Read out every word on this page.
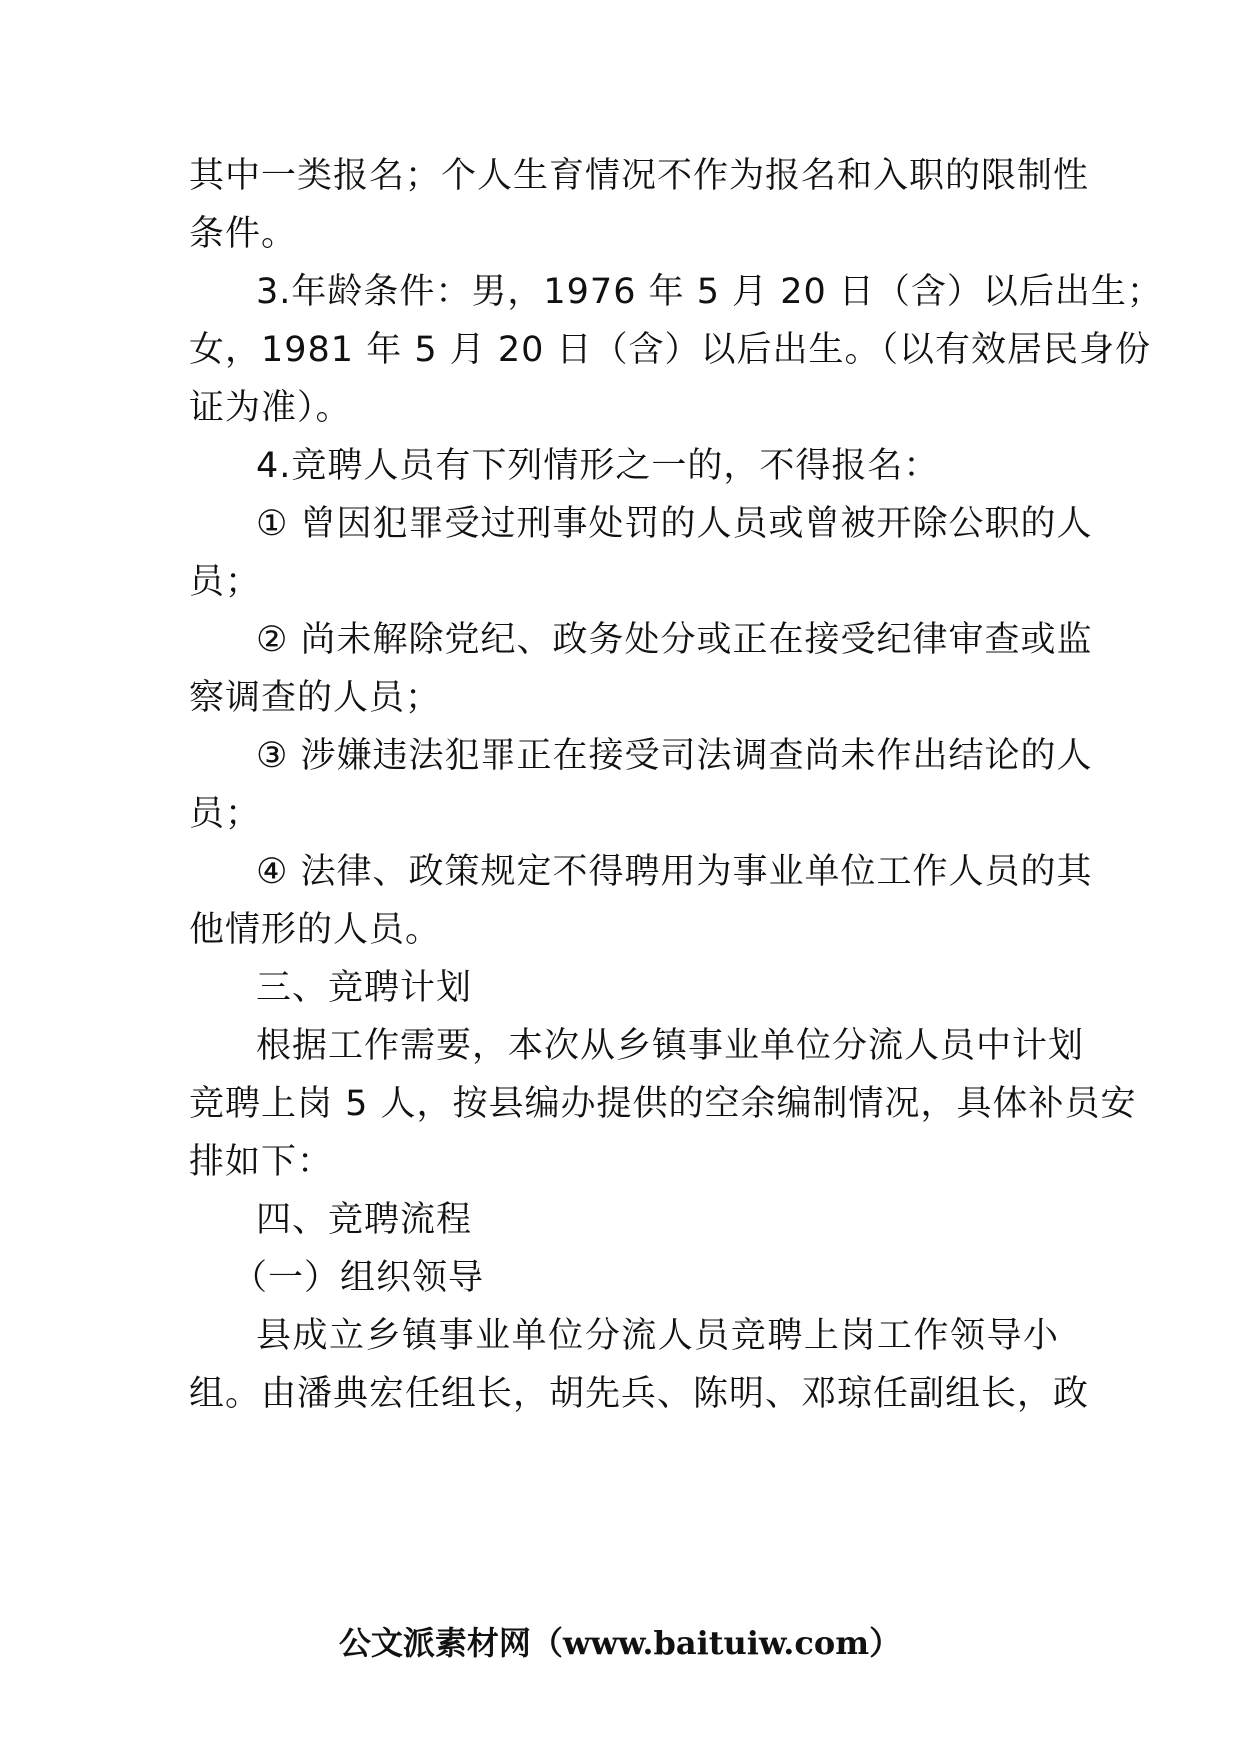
其中一类报名；个人生育情况不作为报名和入职的限制性
条件。
3.年龄条件：男，1976 年 5 月 20 日（含）以后出生；
女，1981 年 5 月 20 日（含）以后出生。（以有效居民身份
证为准）。
4.竞聘人员有下列情形之一的，不得报名：
① 曾因犯罪受过刑事处罚的人员或曾被开除公职的人
员；
② 尚未解除党纪、政务处分或正在接受纪律审查或监
察调查的人员；
③ 涉嫌违法犯罪正在接受司法调查尚未作出结论的人
员；
④ 法律、政策规定不得聘用为事业单位工作人员的其
他情形的人员。
三、竞聘计划
根据工作需要，本次从乡镇事业单位分流人员中计划
竞聘上岗 5 人，按县编办提供的空余编制情况，具体补员安
排如下：
四、竞聘流程
（一）组织领导
县成立乡镇事业单位分流人员竞聘上岗工作领导小
组。由潘典宏任组长，胡先兵、陈明、邓琼任副组长，政
公文派素材网（www.baituiw.com）
